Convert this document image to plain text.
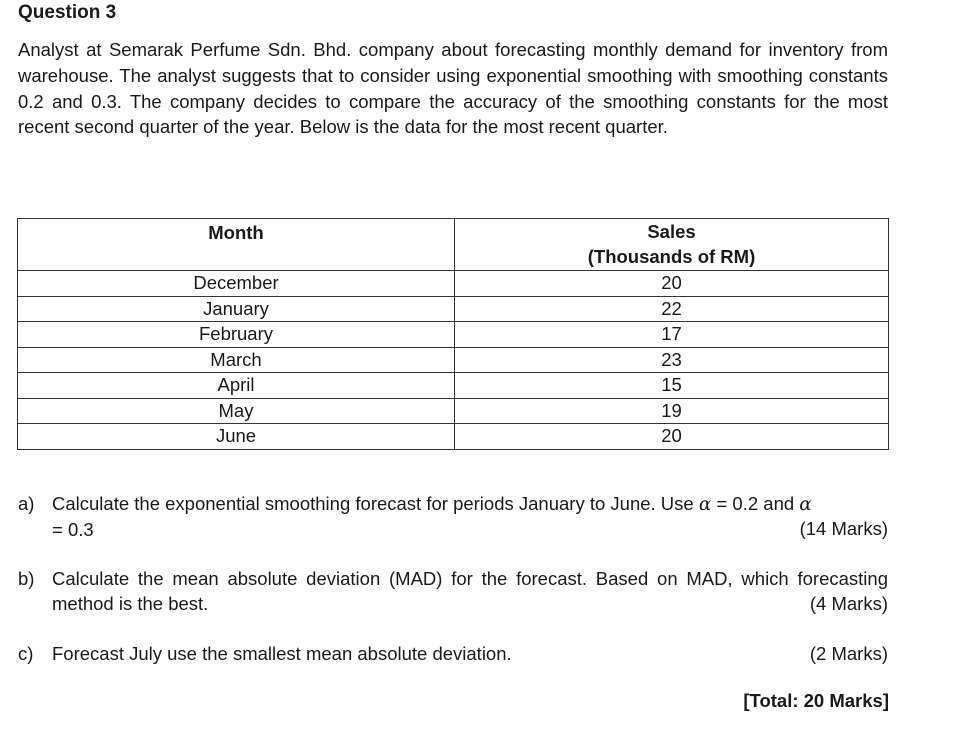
Question 3
Analyst at Semarak Perfume Sdn. Bhd. company about forecasting monthly demand for inventory from warehouse. The analyst suggests that to consider using exponential smoothing with smoothing constants 0.2 and 0.3. The company decides to compare the accuracy of the smoothing constants for the most recent second quarter of the year. Below is the data for the most recent quarter.
Month	Sales
(Thousands of RM)

December	20
January	22
February	17
March	23
April	15
May	19
June	20
a) Calculate the exponential smoothing forecast for periods January to June. Use α = 0.2 and α
= 0.3	(14 Marks)
b) Calculate the mean absolute deviation (MAD) for the forecast. Based on MAD, which forecasting method is the best.	(4 Marks)
c) Forecast July use the smallest mean absolute deviation.	(2 Marks)
[Total: 20 Marks]
